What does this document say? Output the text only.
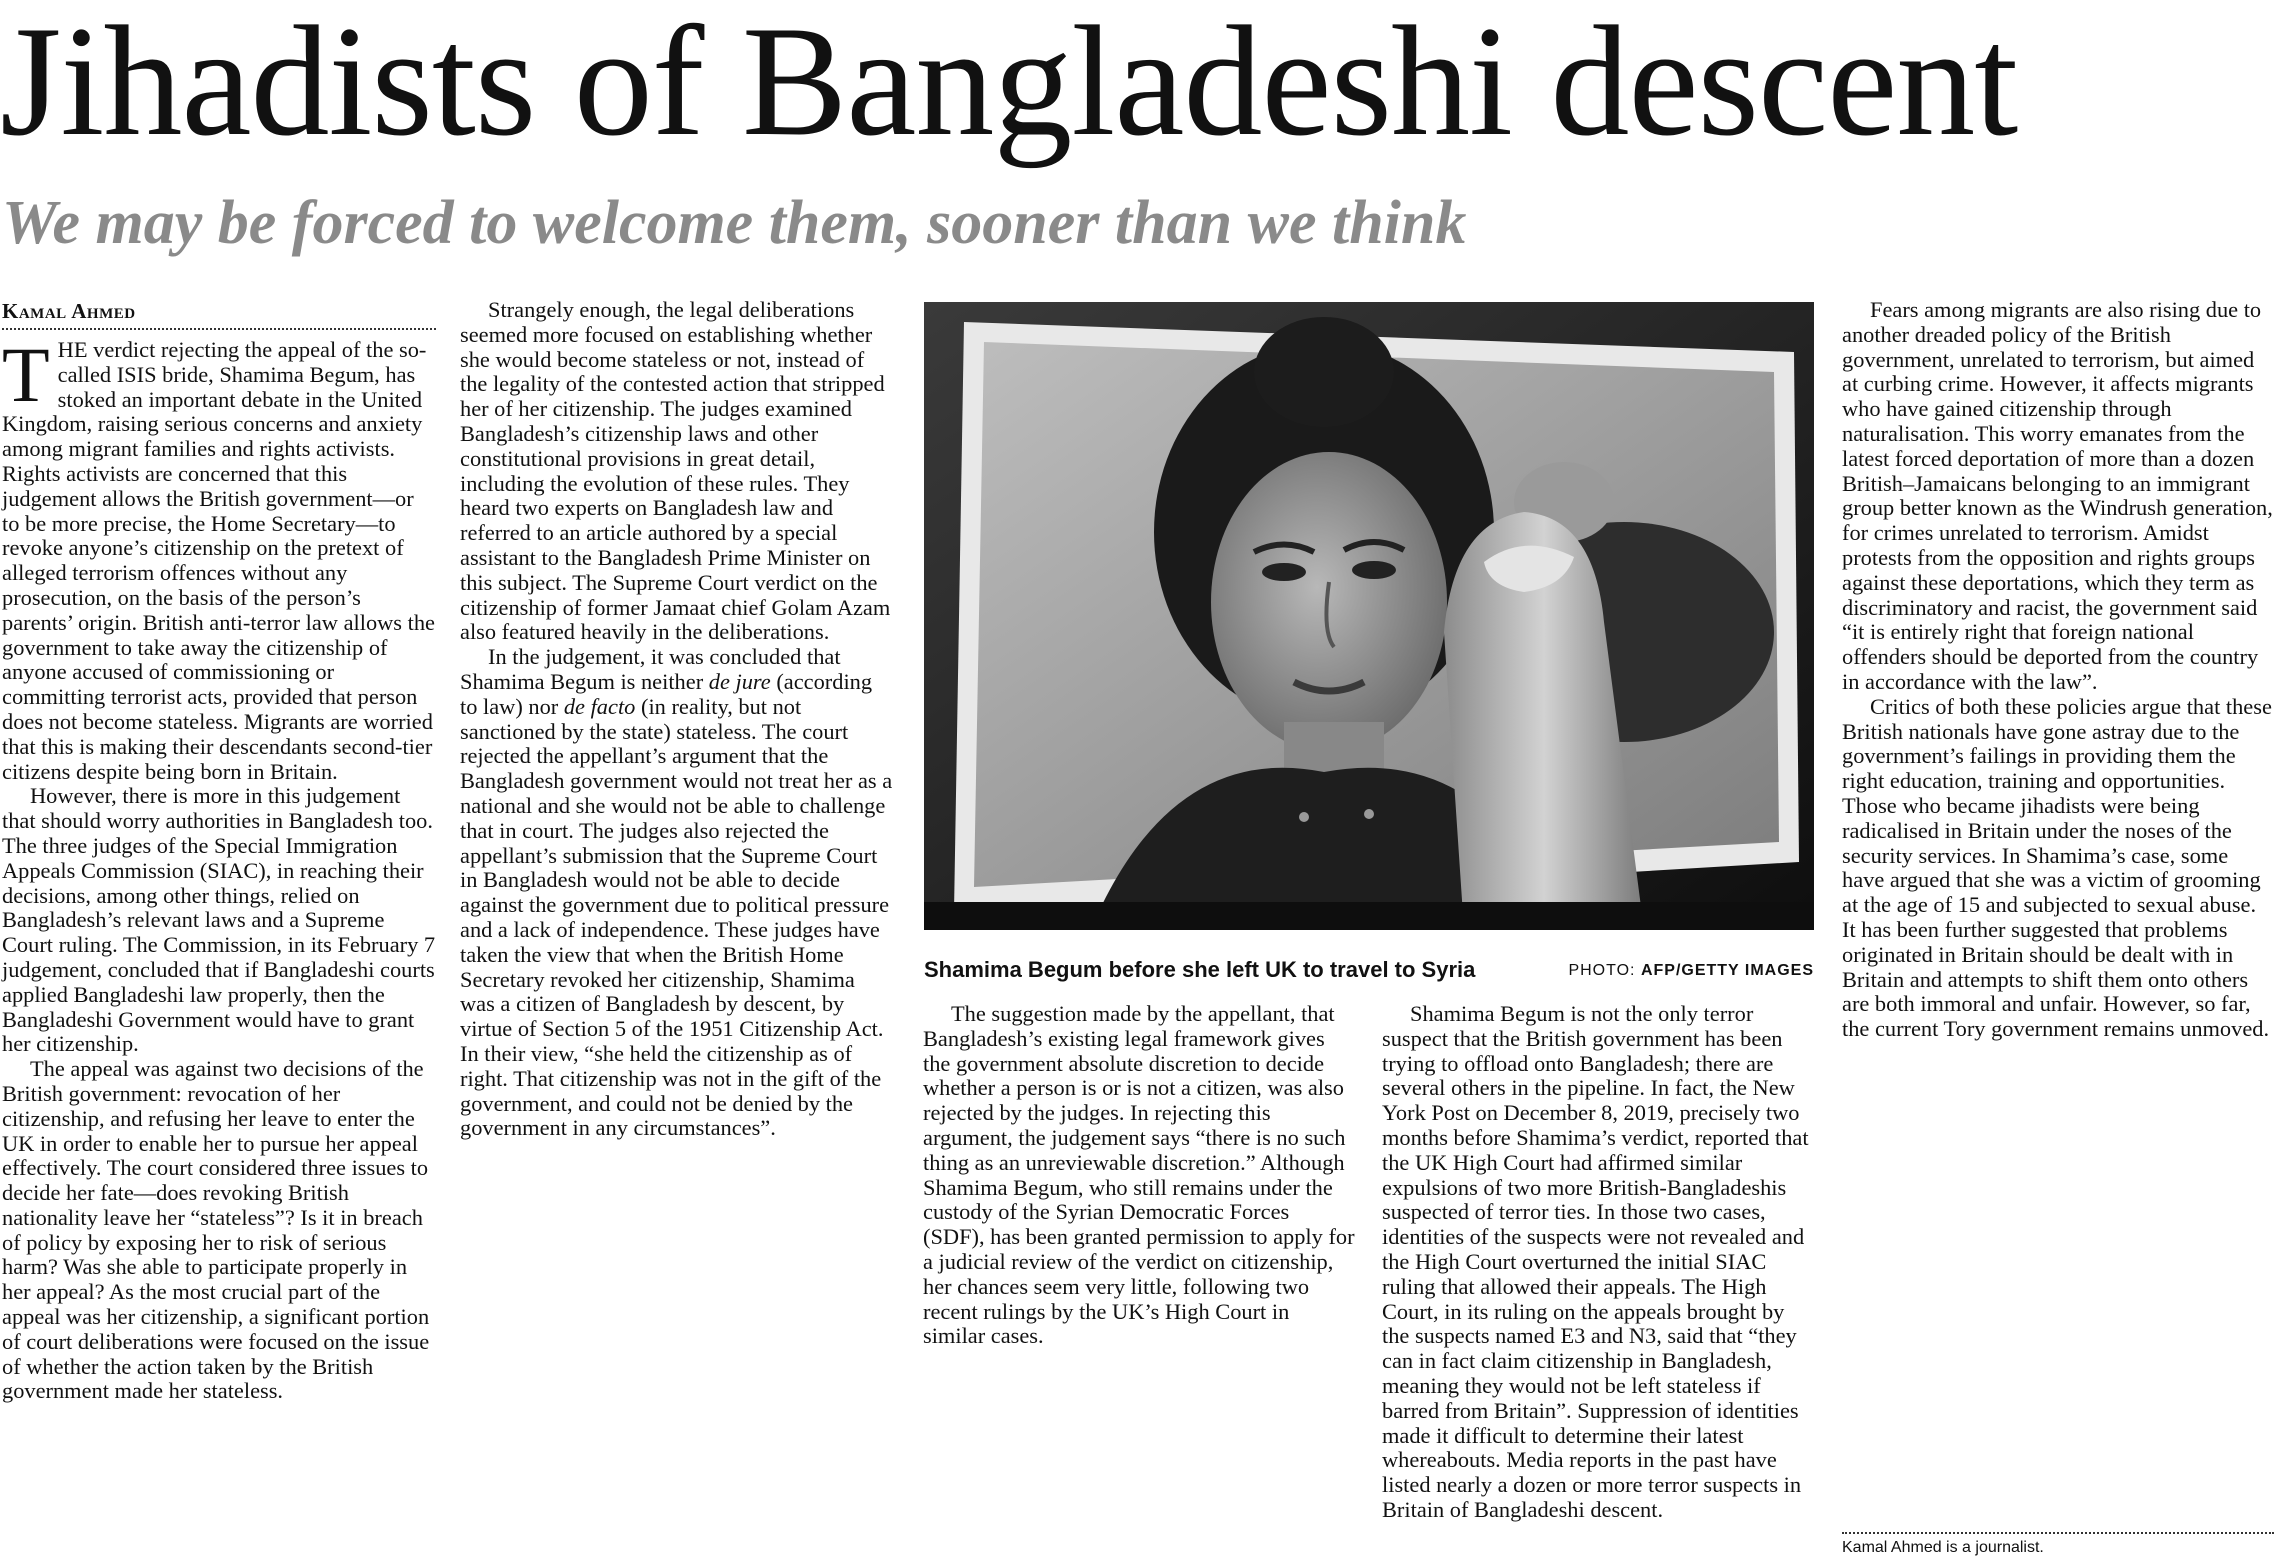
Jihadists of Bangladeshi descent
We may be forced to welcome them, sooner than we think
Kamal Ahmed

THE verdict rejecting the appeal of the so-called ISIS bride, Shamima Begum, has stoked an important debate in the United Kingdom, raising serious concerns and anxiety among migrant families and rights activists. Rights activists are concerned that this judgement allows the British government—or to be more precise, the Home Secretary—to revoke anyone’s citizenship on the pretext of alleged terrorism offences without any prosecution, on the basis of the person’s parents’ origin. British anti-terror law allows the government to take away the citizenship of anyone accused of commissioning or committing terrorist acts, provided that person does not become stateless. Migrants are worried that this is making their descendants second-tier citizens despite being born in Britain.

However, there is more in this judgement that should worry authorities in Bangladesh too. The three judges of the Special Immigration Appeals Commission (SIAC), in reaching their decisions, among other things, relied on Bangladesh’s relevant laws and a Supreme Court ruling. The Commission, in its February 7 judgement, concluded that if Bangladeshi courts applied Bangladeshi law properly, then the Bangladeshi Government would have to grant her citizenship.

The appeal was against two decisions of the British government: revocation of her citizenship, and refusing her leave to enter the UK in order to enable her to pursue her appeal effectively. The court considered three issues to decide her fate—does revoking British nationality leave her “stateless”? Is it in breach of policy by exposing her to risk of serious harm? Was she able to participate properly in her appeal? As the most crucial part of the appeal was her citizenship, a significant portion of court deliberations were focused on the issue of whether the action taken by the British government made her stateless.

Strangely enough, the legal deliberations seemed more focused on establishing whether she would become stateless or not, instead of the legality of the contested action that stripped her of her citizenship. The judges examined Bangladesh’s citizenship laws and other constitutional provisions in great detail, including the evolution of these rules. They heard two experts on Bangladesh law and referred to an article authored by a special assistant to the Bangladesh Prime Minister on this subject. The Supreme Court verdict on the citizenship of former Jamaat chief Golam Azam also featured heavily in the deliberations.

In the judgement, it was concluded that Shamima Begum is neither de jure (according to law) nor de facto (in reality, but not sanctioned by the state) stateless. The court rejected the appellant’s argument that the Bangladesh government would not treat her as a national and she would not be able to challenge that in court. The judges also rejected the appellant’s submission that the Supreme Court in Bangladesh would not be able to decide against the government due to political pressure and a lack of independence. These judges have taken the view that when the British Home Secretary revoked her citizenship, Shamima was a citizen of Bangladesh by descent, by virtue of Section 5 of the 1951 Citizenship Act. In their view, “she held the citizenship as of right. That citizenship was not in the gift of the government, and could not be denied by the government in any circumstances”.

Shamima Begum before she left UK to travel to Syria	PHOTO: AFP/GETTY IMAGES

The suggestion made by the appellant, that Bangladesh’s existing legal framework gives the government absolute discretion to decide whether a person is or is not a citizen, was also rejected by the judges. In rejecting this argument, the judgement says “there is no such thing as an unreviewable discretion.” Although Shamima Begum, who still remains under the custody of the Syrian Democratic Forces (SDF), has been granted permission to apply for a judicial review of the verdict on citizenship, her chances seem very little, following two recent rulings by the UK’s High Court in similar cases.

Shamima Begum is not the only terror suspect that the British government has been trying to offload onto Bangladesh; there are several others in the pipeline. In fact, the New York Post on December 8, 2019, precisely two months before Shamima’s verdict, reported that the UK High Court had affirmed similar expulsions of two more British-Bangladeshis suspected of terror ties. In those two cases, identities of the suspects were not revealed and the High Court overturned the initial SIAC ruling that allowed their appeals. The High Court, in its ruling on the appeals brought by the suspects named E3 and N3, said that “they can in fact claim citizenship in Bangladesh, meaning they would not be left stateless if barred from Britain”. Suppression of identities made it difficult to determine their latest whereabouts. Media reports in the past have listed nearly a dozen or more terror suspects in Britain of Bangladeshi descent.

Fears among migrants are also rising due to another dreaded policy of the British government, unrelated to terrorism, but aimed at curbing crime. However, it affects migrants who have gained citizenship through naturalisation. This worry emanates from the latest forced deportation of more than a dozen British–Jamaicans belonging to an immigrant group better known as the Windrush generation, for crimes unrelated to terrorism. Amidst protests from the opposition and rights groups against these deportations, which they term as discriminatory and racist, the government said “it is entirely right that foreign national offenders should be deported from the country in accordance with the law”.

Critics of both these policies argue that these British nationals have gone astray due to the government’s failings in providing them the right education, training and opportunities. Those who became jihadists were being radicalised in Britain under the noses of the security services. In Shamima’s case, some have argued that she was a victim of grooming at the age of 15 and subjected to sexual abuse. It has been further suggested that problems originated in Britain should be dealt with in Britain and attempts to shift them onto others are both immoral and unfair. However, so far, the current Tory government remains unmoved.

Kamal Ahmed is a journalist.
